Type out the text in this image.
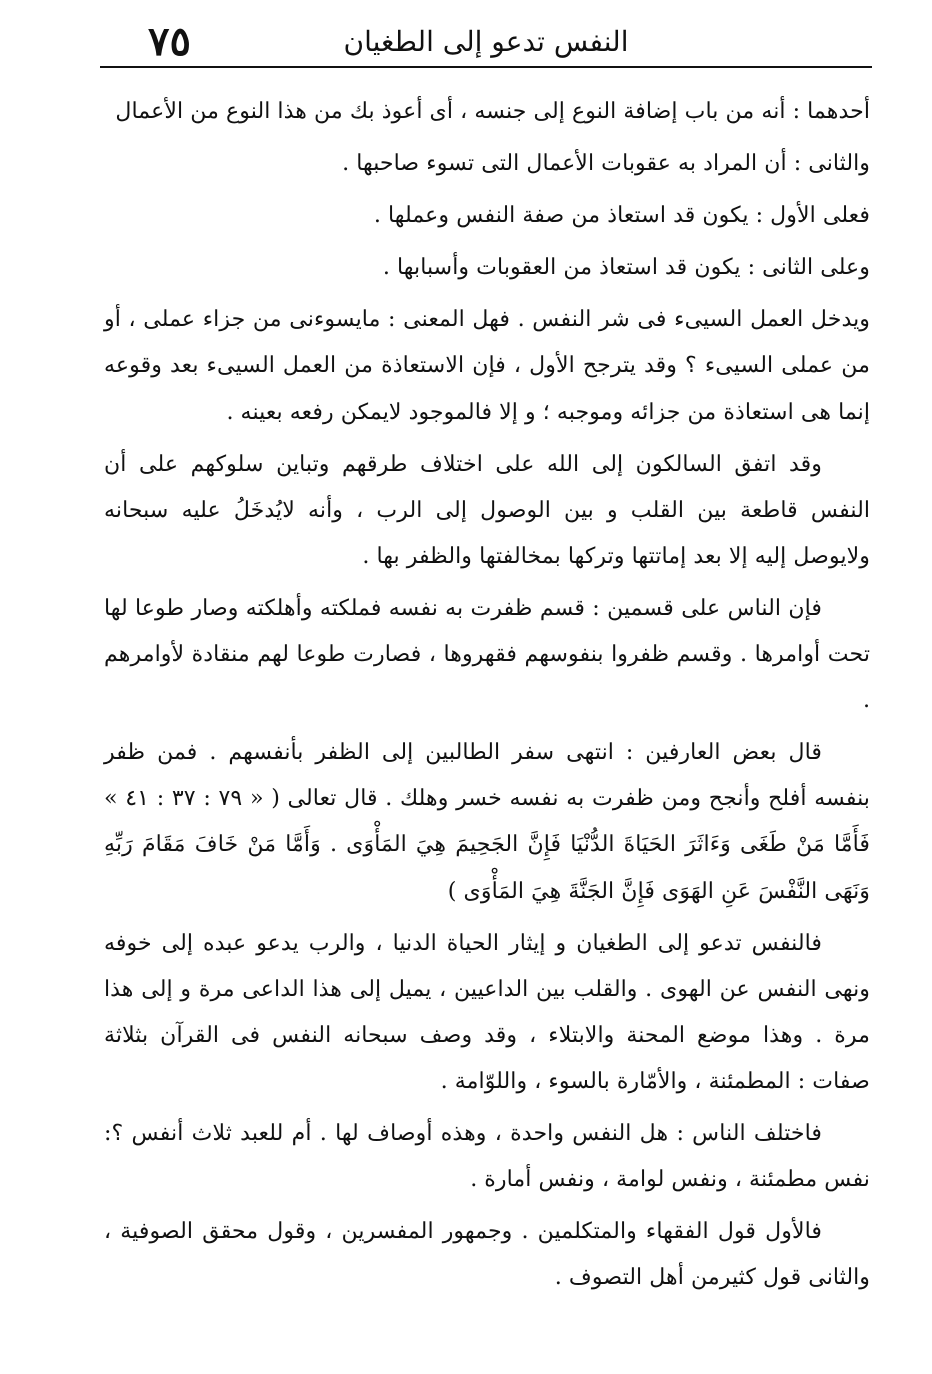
٧٥	النفس تدعو إلى الطغيان

أحدهما : أنه من باب إضافة النوع إلى جنسه ، أى أعوذ بك من هذا النوع من الأعمال

والثانى : أن المراد به عقوبات الأعمال التى تسوء صاحبها .

فعلى الأول : يكون قد استعاذ من صفة النفس وعملها .

وعلى الثانى : يكون قد استعاذ من العقوبات وأسبابها .

ويدخل العمل السيىء فى شر النفس . فهل المعنى : مايسوءنى من جزاء عملى ، أو من عملى السيىء ؟ وقد يترجح الأول ، فإن الاستعاذة من العمل السيىء بعد وقوعه إنما هى استعاذة من جزائه وموجبه ؛ و إلا فالموجود لايمكن رفعه بعينه .

وقد اتفق السالكون إلى الله على اختلاف طرقهم وتباين سلوكهم على أن النفس قاطعة بين القلب و بين الوصول إلى الرب ، وأنه لايُدخَلُ عليه سبحانه ولايوصل إليه إلا بعد إماتتها وتركها بمخالفتها والظفر بها .

فإن الناس على قسمين : قسم ظفرت به نفسه فملكته وأهلكته وصار طوعا لها تحت أوامرها . وقسم ظفروا بنفوسهم فقهروها ، فصارت طوعا لهم منقادة لأوامرهم .

قال بعض العارفين : انتهى سفر الطالبين إلى الظفر بأنفسهم . فمن ظفر بنفسه أفلح وأنجح ومن ظفرت به نفسه خسر وهلك . قال تعالى ( « ٧٩ : ٣٧ : ٤١ » فَأَمَّا مَنْ طَغَى وَءَاثَرَ الحَيَاةَ الدُّنْيَا فَإِنَّ الجَحِيمَ هِيَ المَأْوَى . وَأَمَّا مَنْ خَافَ مَقَامَ رَبِّهِ وَنَهَى النَّفْسَ عَنِ الهَوَى فَإِنَّ الجَنَّةَ هِيَ المَأْوَى )

فالنفس تدعو إلى الطغيان و إيثار الحياة الدنيا ، والرب يدعو عبده إلى خوفه ونهى النفس عن الهوى . والقلب بين الداعيين ، يميل إلى هذا الداعى مرة و إلى هذا مرة . وهذا موضع المحنة والابتلاء ، وقد وصف سبحانه النفس فى القرآن بثلاثة صفات : المطمئنة ، والأمّارة بالسوء ، واللوّامة .

فاختلف الناس : هل النفس واحدة ، وهذه أوصاف لها . أم للعبد ثلاث أنفس ؟: نفس مطمئنة ، ونفس لوامة ، ونفس أمارة .

فالأول قول الفقهاء والمتكلمين . وجمهور المفسرين ، وقول محقق الصوفية ، والثانى قول كثيرمن أهل التصوف .
